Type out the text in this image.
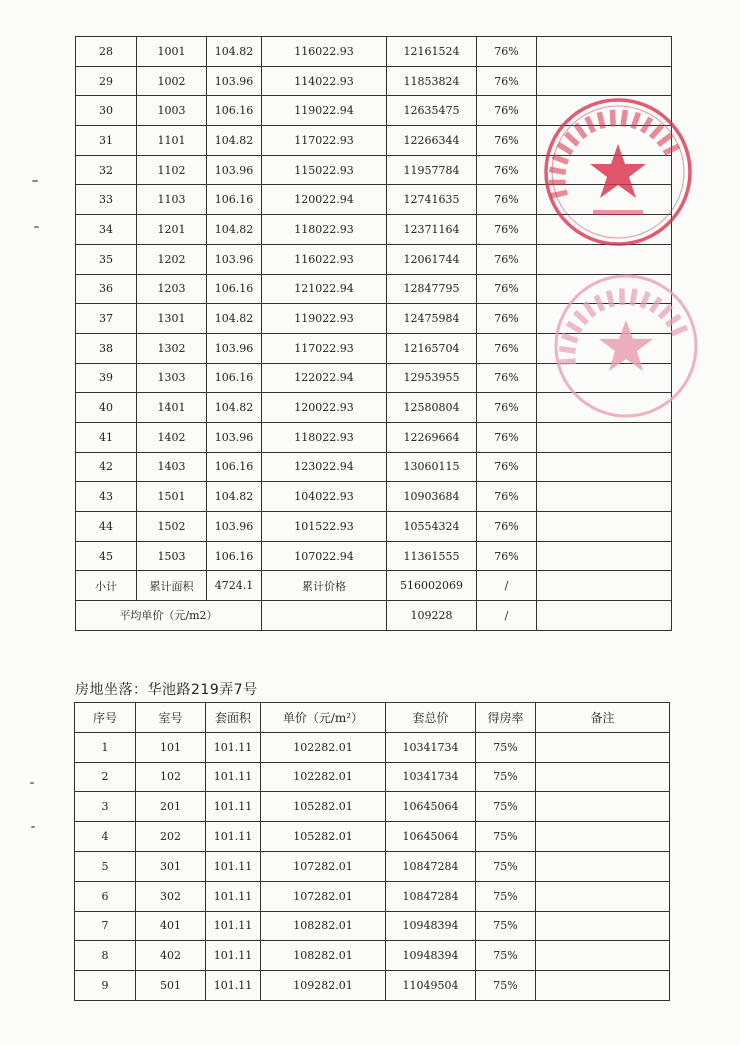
28	1001	104.82	116022.93	12161524	76%	
29	1002	103.96	114022.93	11853824	76%	
30	1003	106.16	119022.94	12635475	76%	
31	1101	104.82	117022.93	12266344	76%	
32	1102	103.96	115022.93	11957784	76%	
33	1103	106.16	120022.94	12741635	76%	
34	1201	104.82	118022.93	12371164	76%	
35	1202	103.96	116022.93	12061744	76%	
36	1203	106.16	121022.94	12847795	76%	
37	1301	104.82	119022.93	12475984	76%	
38	1302	103.96	117022.93	12165704	76%	
39	1303	106.16	122022.94	12953955	76%	
40	1401	104.82	120022.93	12580804	76%	
41	1402	103.96	118022.93	12269664	76%	
42	1403	106.16	123022.94	13060115	76%	
43	1501	104.82	104022.93	10903684	76%	
44	1502	103.96	101522.93	10554324	76%	
45	1503	106.16	107022.94	11361555	76%	
小计	累计面积	4724.1	累计价格	516002069	/	
平均单价（元/m2）				109228	/	
房地坐落：华池路219弄7号
序号	室号	套面积	单价（元/m²）	套总价	得房率	备注
1	101	101.11	102282.01	10341734	75%	
2	102	101.11	102282.01	10341734	75%	
3	201	101.11	105282.01	10645064	75%	
4	202	101.11	105282.01	10645064	75%	
5	301	101.11	107282.01	10847284	75%	
6	302	101.11	107282.01	10847284	75%	
7	401	101.11	108282.01	10948394	75%	
8	402	101.11	108282.01	10948394	75%	
9	501	101.11	109282.01	11049504	75%	
▌▌▌▌▌▌▌▌▌▌▌▌▌▌▌▌
▌▌▌▌▌▌▌▌▌▌▌▌▌▌▌
